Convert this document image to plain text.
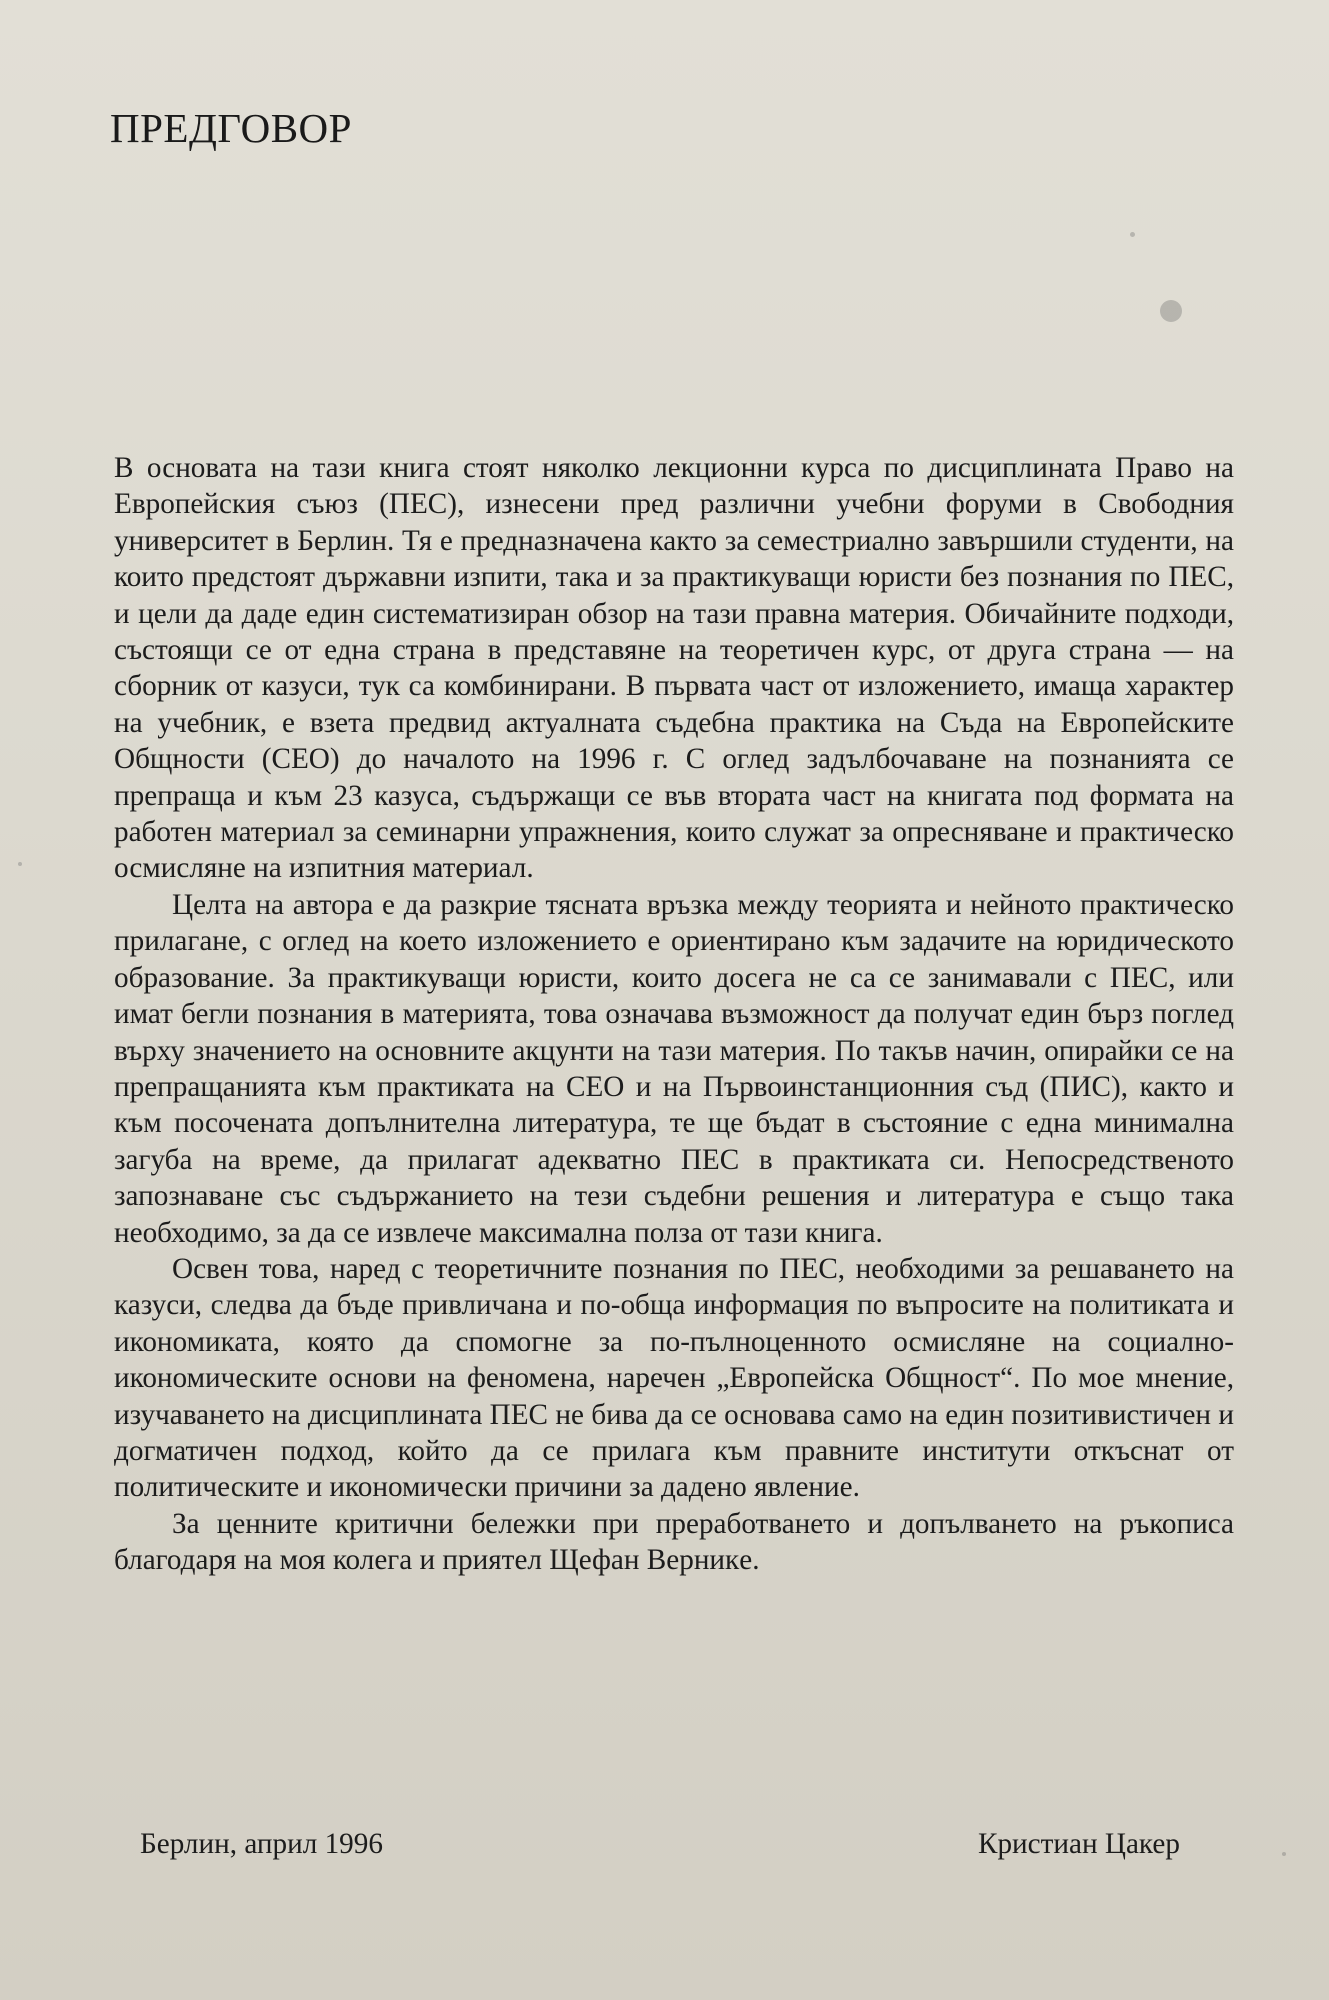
ПРЕДГОВОР

В основата на тази книга стоят няколко лекционни курса по дисциплината Право на Европейския съюз (ПЕС), изнесени пред различни учебни форуми в Свободния университет в Берлин. Тя е предназначена както за семестриално завършили студенти, на които предстоят държавни изпити, така и за практикуващи юристи без познания по ПЕС, и цели да даде един систематизиран обзор на тази правна материя. Обичайните подходи, състоящи се от една страна в представяне на теоретичен курс, от друга страна — на сборник от казуси, тук са комбинирани. В първата част от изложението, имаща характер на учебник, е взета предвид актуалната съдебна практика на Съда на Европейските Общности (СЕО) до началото на 1996 г. С оглед задълбочаване на познанията се препраща и към 23 казуса, съдържащи се във втората част на книгата под формата на работен материал за семинарни упражнения, които служат за опресняване и практическо осмисляне на изпитния материал.

Целта на автора е да разкрие тясната връзка между теорията и нейното практическо прилагане, с оглед на което изложението е ориентирано към задачите на юридическото образование. За практикуващи юристи, които досега не са се занимавали с ПЕС, или имат бегли познания в материята, това означава възможност да получат един бърз поглед върху значението на основните акцунти на тази материя. По такъв начин, опирайки се на препращанията към практиката на СЕО и на Първоинстанционния съд (ПИС), както и към посочената допълнителна литература, те ще бъдат в състояние с една минимална загуба на време, да прилагат адекватно ПЕС в практиката си. Непосредственото запознаване със съдържанието на тези съдебни решения и литература е също така необходимо, за да се извлече максимална полза от тази книга.

Освен това, наред с теоретичните познания по ПЕС, необходими за решаването на казуси, следва да бъде привличана и по-обща информация по въпросите на политиката и икономиката, която да спомогне за по-пълноценното осмисляне на социално-икономическите основи на феномена, наречен „Европейска Общност“. По мое мнение, изучаването на дисциплината ПЕС не бива да се основава само на един позитивистичен и догматичен подход, който да се прилага към правните институти откъснат от политическите и икономически причини за дадено явление.

За ценните критични бележки при преработването и допълването на ръкописа благодаря на моя колега и приятел Щефан Верникe.

Берлин, април 1996	Кристиан Цакер
